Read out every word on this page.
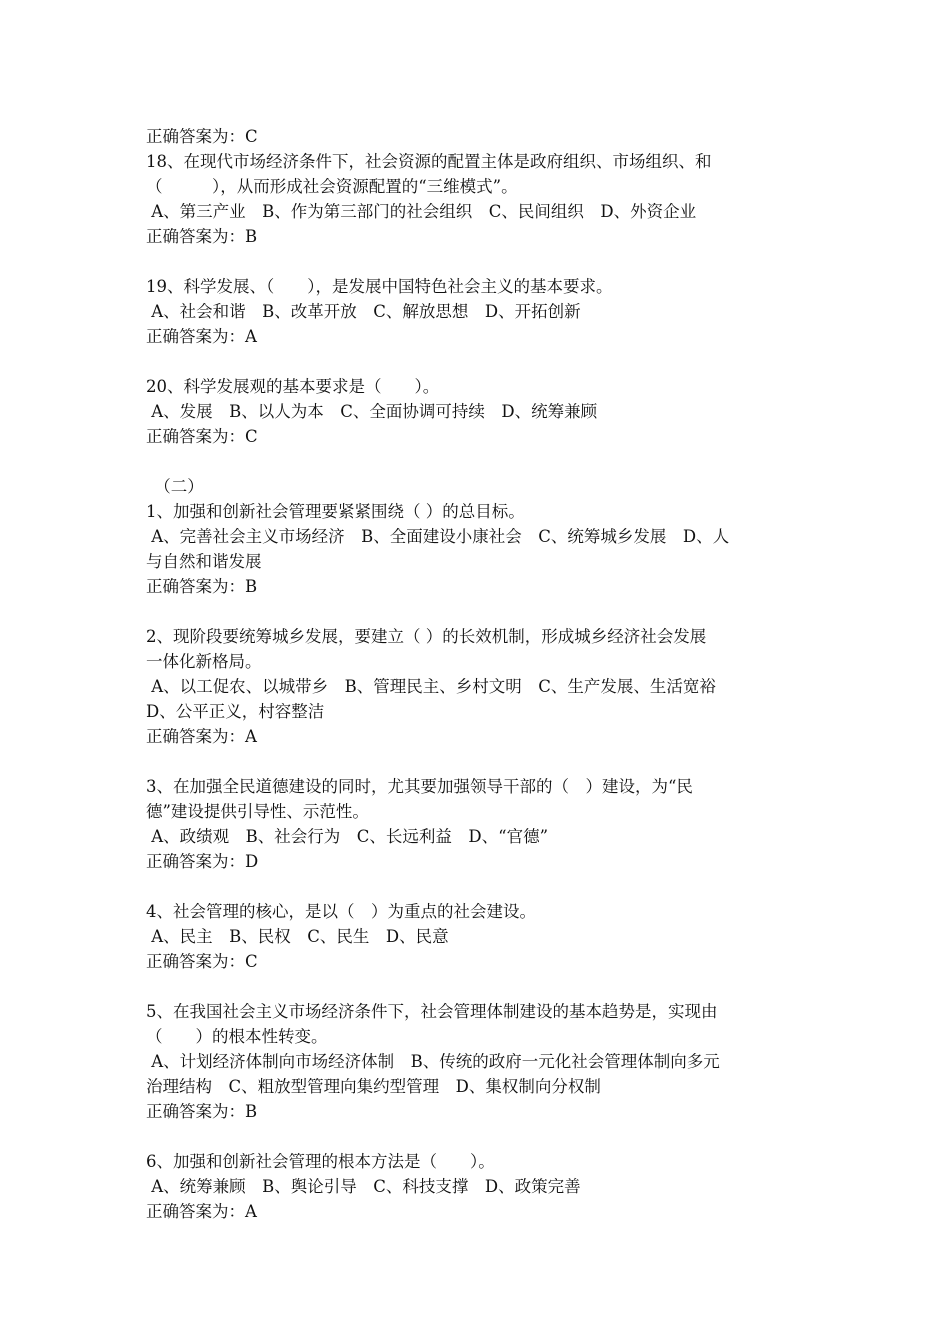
正确答案为：C
18、在现代市场经济条件下，社会资源的配置主体是政府组织、市场组织、和
（　　　），从而形成社会资源配置的“三维模式”。
A、第三产业　B、作为第三部门的社会组织　C、民间组织　D、外资企业
正确答案为：B
19、科学发展、（　　），是发展中国特色社会主义的基本要求。
A、社会和谐　B、改革开放　C、解放思想　D、开拓创新
正确答案为：A
20、科学发展观的基本要求是（　　）。
A、发展　B、以人为本　C、全面协调可持续　D、统筹兼顾
正确答案为：C
　（二）
1、加强和创新社会管理要紧紧围绕（ ）的总目标。
A、完善社会主义市场经济　B、全面建设小康社会　C、统筹城乡发展　D、人
与自然和谐发展
正确答案为：B
2、现阶段要统筹城乡发展，要建立（ ）的长效机制，形成城乡经济社会发展
一体化新格局。
A、以工促农、以城带乡　B、管理民主、乡村文明　C、生产发展、生活宽裕
D、公平正义，村容整洁
正确答案为：A
3、在加强全民道德建设的同时，尤其要加强领导干部的（　）建设，为“民
德”建设提供引导性、示范性。
A、政绩观　B、社会行为　C、长远利益　D、“官德”
正确答案为：D
4、社会管理的核心，是以（　）为重点的社会建设。
A、民主　B、民权　C、民生　D、民意
正确答案为：C
5、在我国社会主义市场经济条件下，社会管理体制建设的基本趋势是，实现由
（　　）的根本性转变。
A、计划经济体制向市场经济体制　B、传统的政府一元化社会管理体制向多元
治理结构　C、粗放型管理向集约型管理　D、集权制向分权制
正确答案为：B
6、加强和创新社会管理的根本方法是（　　）。
A、统筹兼顾　B、舆论引导　C、科技支撑　D、政策完善
正确答案为：A
